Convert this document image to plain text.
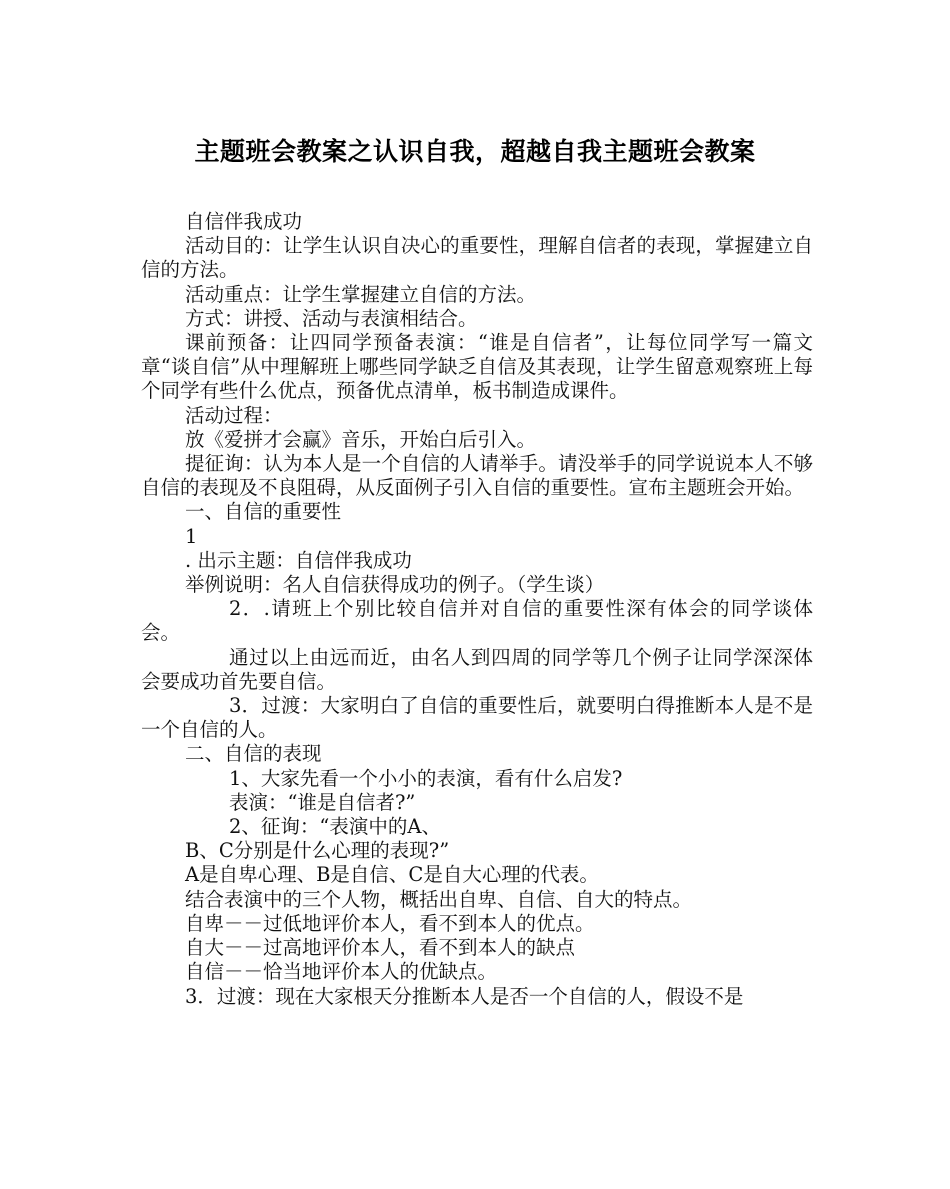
主题班会教案之认识自我，超越自我主题班会教案

自信伴我成功

活动目的：让学生认识自决心的重要性，理解自信者的表现，掌握建立自信的方法。

活动重点：让学生掌握建立自信的方法。

方式：讲授、活动与表演相结合。

课前预备：让四同学预备表演：“谁是自信者”，让每位同学写一篇文章“谈自信”从中理解班上哪些同学缺乏自信及其表现，让学生留意观察班上每个同学有些什么优点，预备优点清单，板书制造成课件。

活动过程：

放《爱拼才会赢》音乐，开始白后引入。

提征询：认为本人是一个自信的人请举手。请没举手的同学说说本人不够自信的表现及不良阻碍，从反面例子引入自信的重要性。宣布主题班会开始。

一、自信的重要性

1

. 出示主题：自信伴我成功

举例说明：名人自信获得成功的例子。（学生谈）

2．.请班上个别比较自信并对自信的重要性深有体会的同学谈体会。

通过以上由远而近，由名人到四周的同学等几个例子让同学深深体会要成功首先要自信。

3．过渡：大家明白了自信的重要性后，就要明白得推断本人是不是一个自信的人。

二、自信的表现

1、大家先看一个小小的表演，看有什么启发?

表演：“谁是自信者?”

2、征询：“表演中的A、

B、C分别是什么心理的表现?”

A是自卑心理、B是自信、C是自大心理的代表。

结合表演中的三个人物，概括出自卑、自信、自大的特点。

自卑－－过低地评价本人，看不到本人的优点。

自大－－过高地评价本人，看不到本人的缺点

自信－－恰当地评价本人的优缺点。

3．过渡：现在大家根天分推断本人是否一个自信的人，假设不是
